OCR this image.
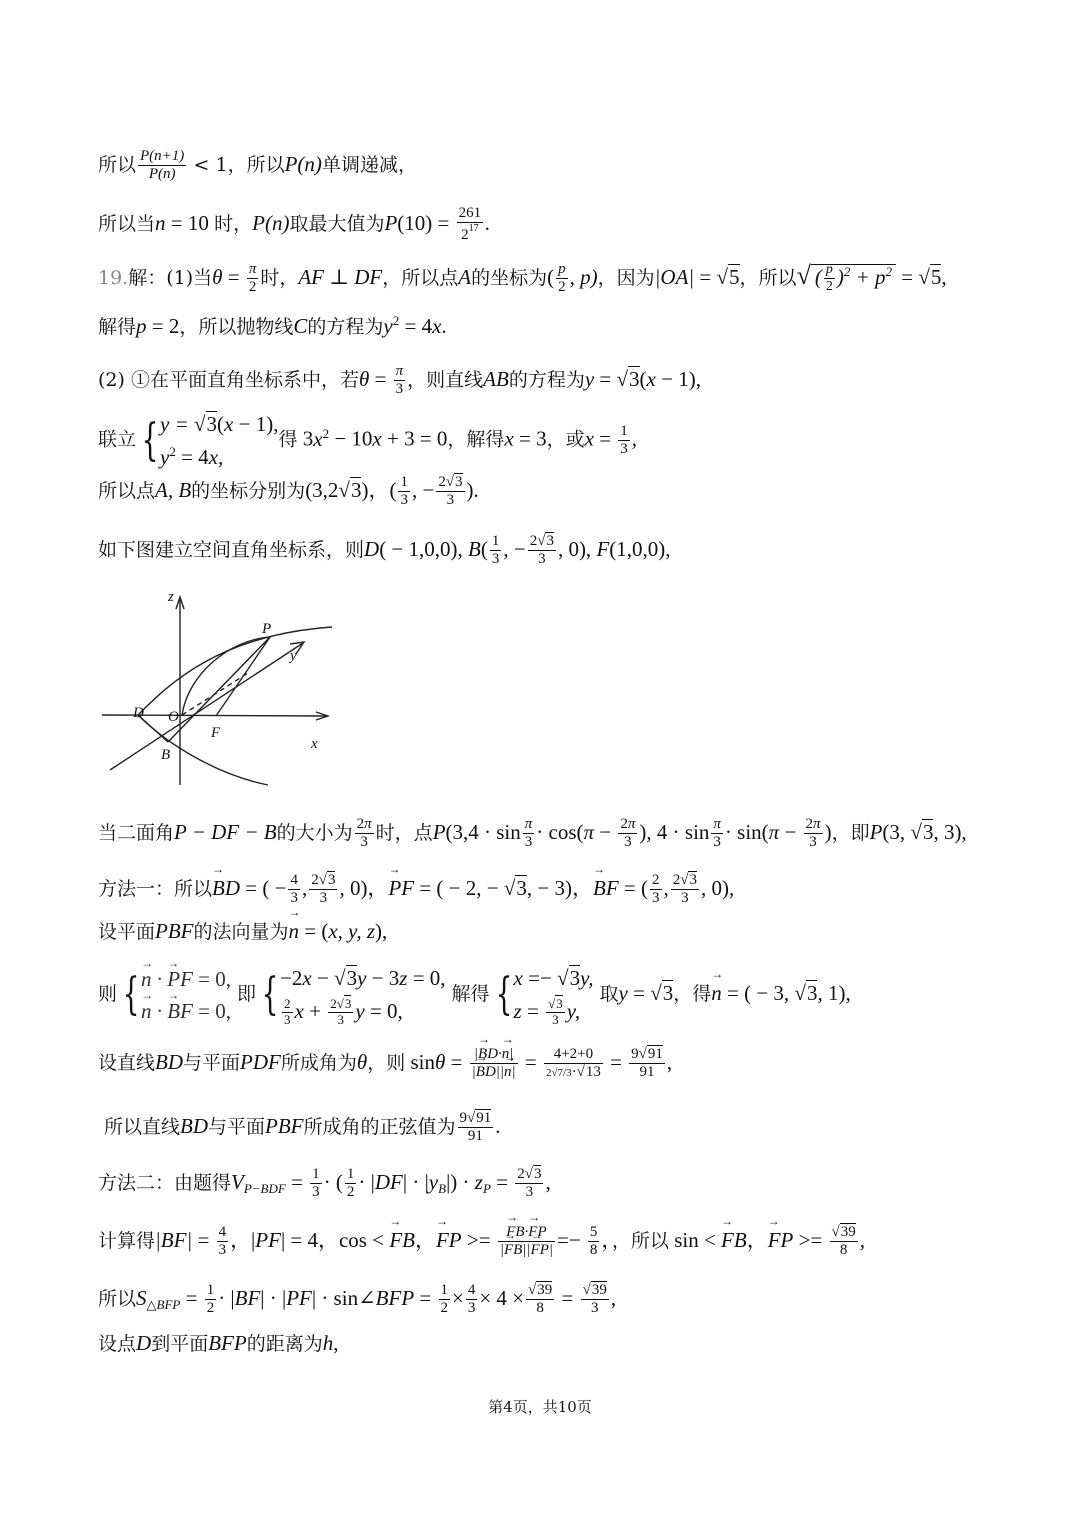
所以 $\frac{P(n+1)}{P(n)} < 1$，所以P(n)单调递减，
所以当n = 10 时，P(n)取最大值为$P(10) = \frac{261}{2^{17}}$ .
19.解：(1)当$\theta = \frac{\pi}{2}$ 时，AF ⊥ DF，所以点A的坐标为( $\frac{p}{2}$ , p)，因为|OA| = √5，所以√ ( $\frac{p}{2} )^2 + p^2 = √5$,
解得p = 2，所以抛物线C的方程为$y^2 = 4x$.
(2) ①在平面直角坐标系中，若$\theta = \frac{\pi}{3}$ ，则直线AB的方程为y = √3(x − 1),
联立 {y = √3(x − 1),
$y^2 = 4x$,得 $3x^2 - 10x + 3 = 0$，解得x = 3，或$x = \frac{1}{3}$ ,
所以点A, B的坐标分别为(3,2√3)，( $\frac{1}{3}$ , − $\frac{2√3}{3}$ ).
如下图建立空间直角坐标系，则D( − 1,0,0), $B( \frac{1}{3}$ , − $\frac{2√3}{3}$ , 0), F(1,0,0),
z
y
x
P
D O
F
B
当二面角P − DF − B的大小为 $\frac{2\pi}{3}$ 时，点$P(3,4 \cdot \sin \frac{\pi}{3} \cdot \cos(\pi - \frac{2\pi}{3}$ ), $4 \cdot \sin \frac{\pi}{3} \cdot \sin(\pi - \frac{2\pi}{3}$ )，即P(3, √3, 3),
方法一：所以BD → = ( − $\frac{4}{3}$ , $\frac{2√3}{3}$ , 0)，PF → = ( − 2, − √3, − 3)，BF → = ( $\frac{2}{3}$ , $\frac{2√3}{3}$ , 0),
设平面PBF的法向量为n → = (x, y, z),
则 {n → · PF → = 0,
n → · BF → = 0,即 {−2x − √3y − 3z = 0,

$\frac{2}{3}$ $x + \frac{2√3}{3}$ y = 0,解得 {x =− √3y,
$z = \frac{√3}{3} y$,取y = √3，得n → = ( − 3, √3, 1),
设直线BD与平面PDF所成角为θ，则 $\sin\theta = \frac{|BD \to\cdot n \to|}{|BD \to||n \to|} = \frac{4+2+0}{2√7/3\cdot√13} = \frac{9√91}{91}$ ,
所以直线BD与平面PBF所成角的正弦值为 $\frac{9√91}{91}$ .
方法二：由题得$V_{P-BDF} = \frac{1}{3}$ · ( $\frac{1}{2} \cdot |DF| \cdot |y_B|) \cdot z_P = \frac{2√3}{3}$ ,
计算得$|BF| = \frac{4}{3}$ ，|PF| = 4，cos < FB →，FP → >= $\frac{FB \to\cdot FP \to}{|FB \to||FP \to|} =- \frac{5}{8}$ ，，所以 sin < FB →，FP → >= $\frac{√39}{8}$ ,
所以$S_{\triangle BFP} = \frac{1}{2} \cdot |BF| \cdot |PF|$ · sin∠BFP = $\frac{1}{2} \times \frac{4}{3} \times 4 \times \frac{√39}{8} = \frac{√39}{3}$ ,
设点D到平面BFP的距离为h,
第4页，共10页
